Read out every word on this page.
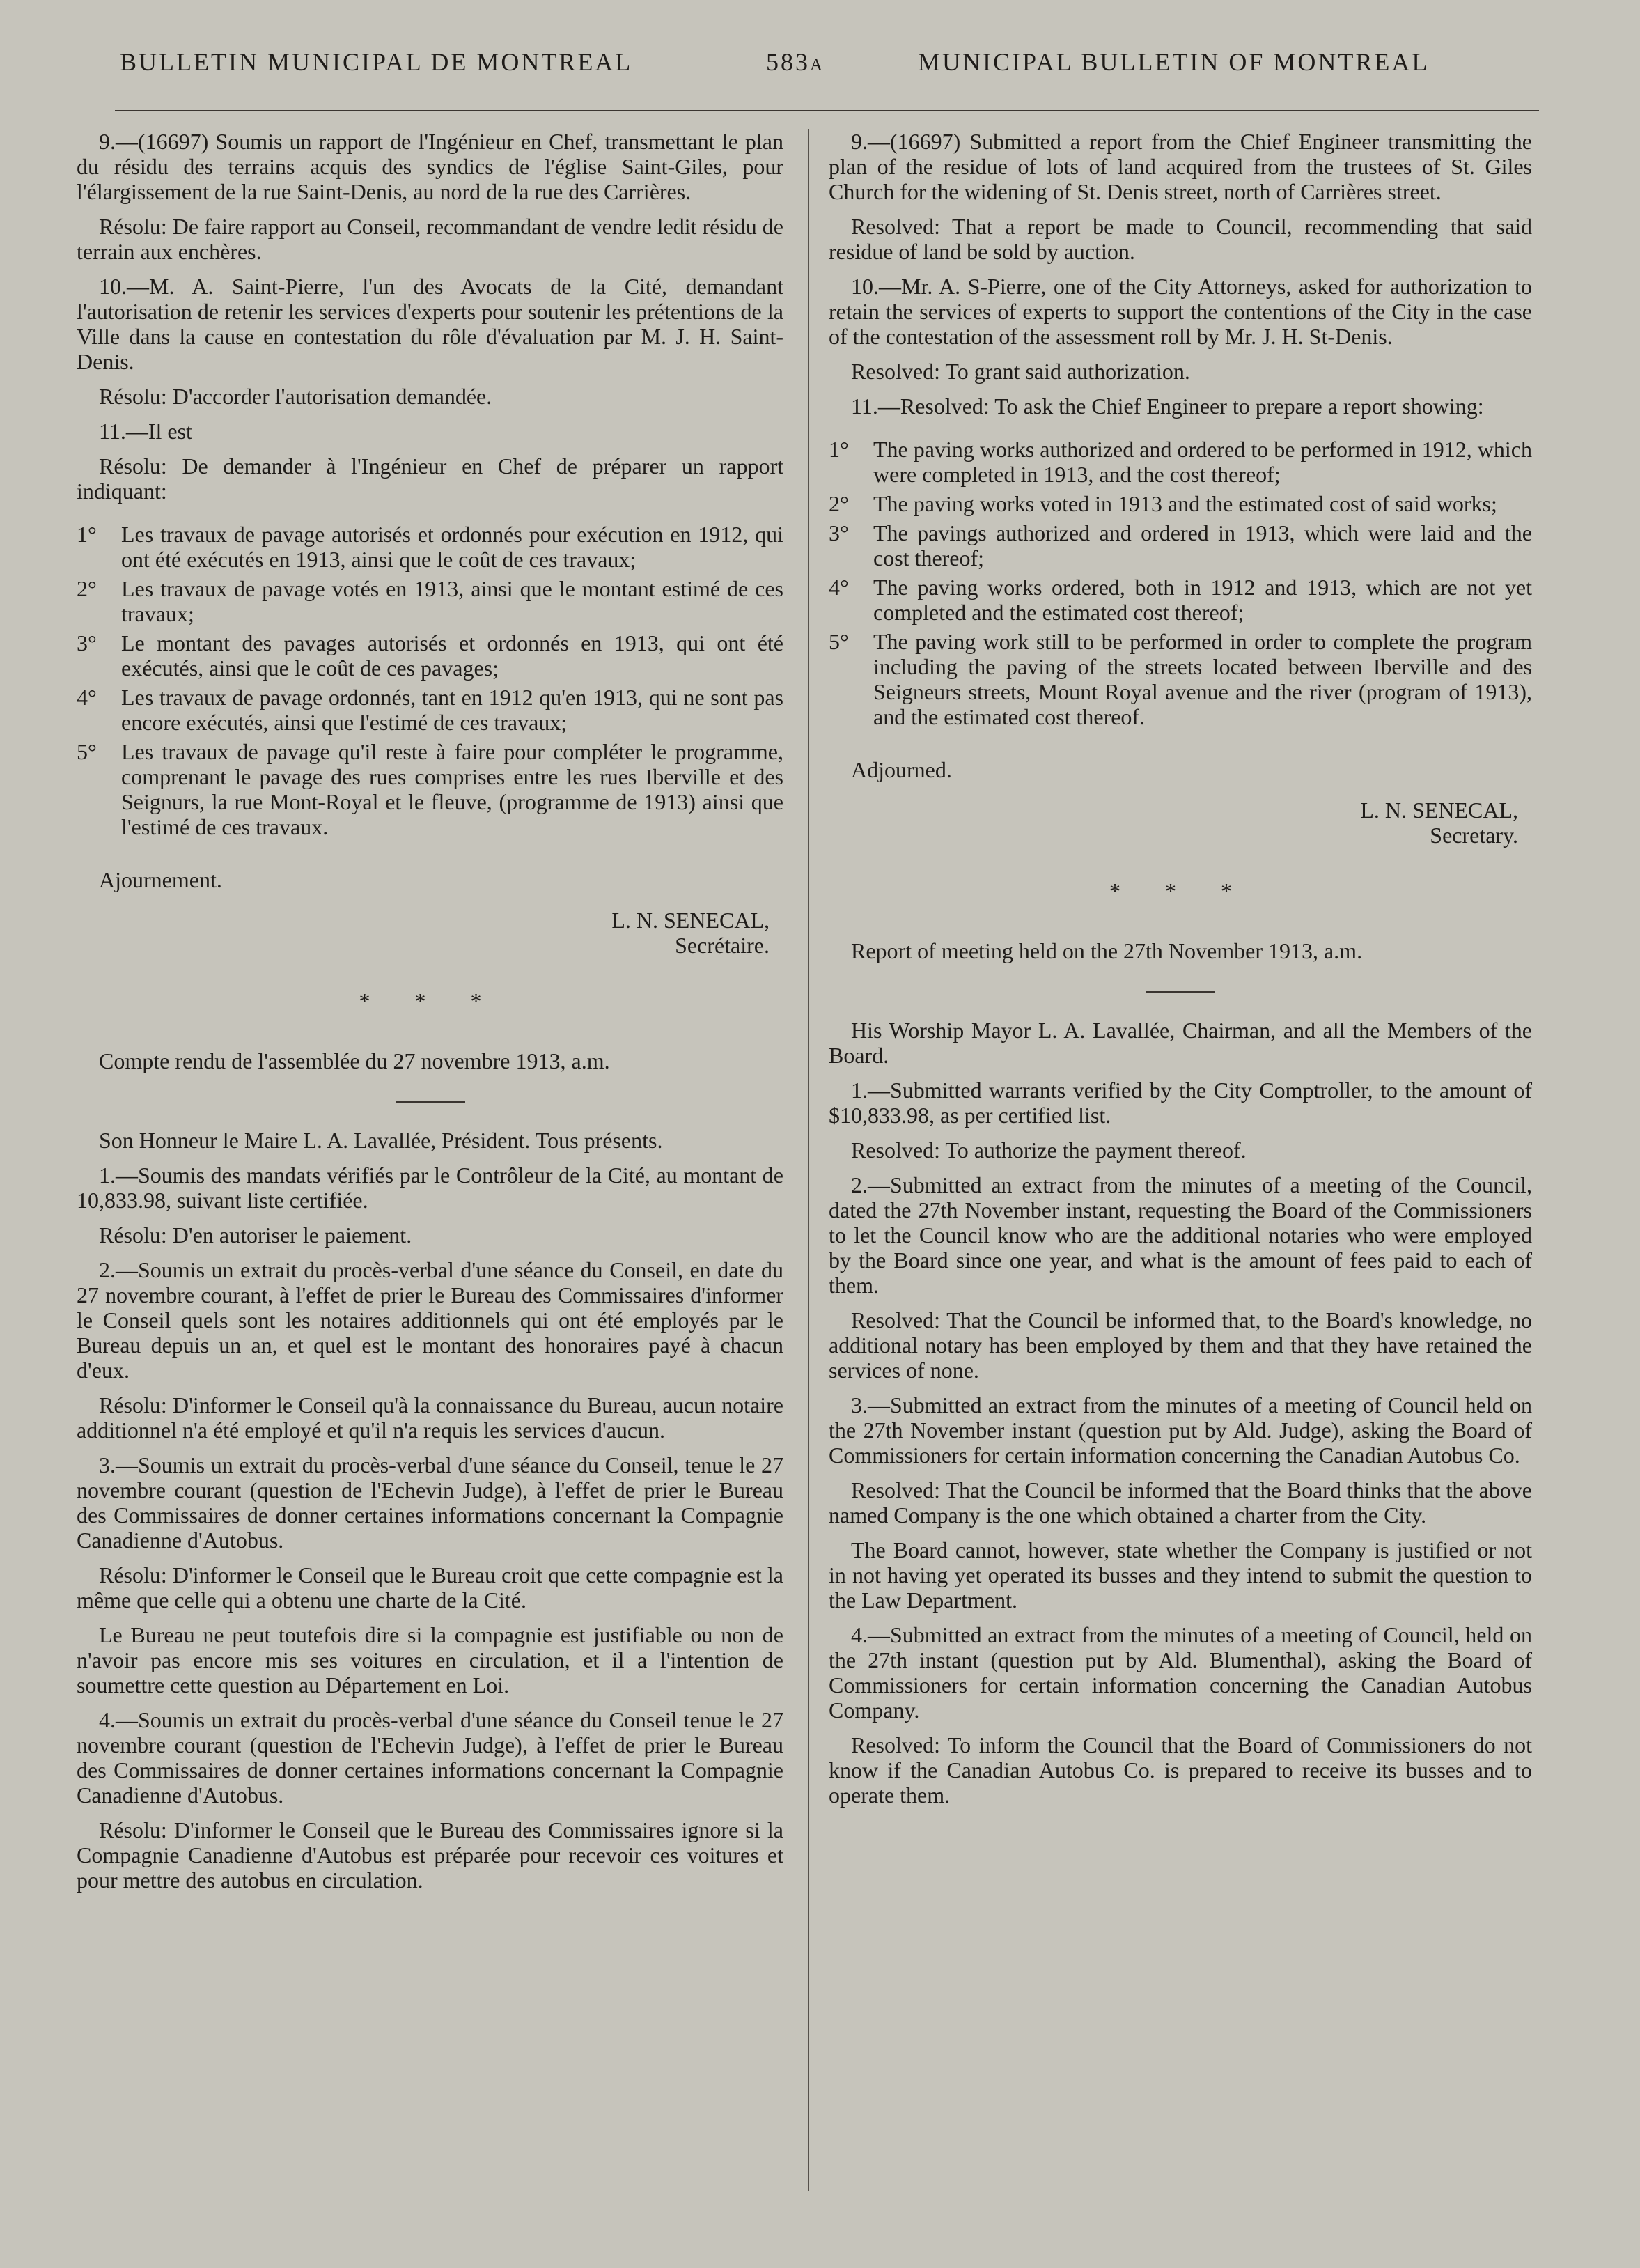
BULLETIN MUNICIPAL DE MONTREAL	583a	MUNICIPAL BULLETIN OF MONTREAL

9.—(16697) Soumis un rapport de l'Ingénieur en Chef, transmettant le plan du résidu des terrains acquis des syndics de l'église Saint-Giles, pour l'élargissement de la rue Saint-Denis, au nord de la rue des Carrières.

Résolu: De faire rapport au Conseil, recommandant de vendre ledit résidu de terrain aux enchères.

10.—M. A. Saint-Pierre, l'un des Avocats de la Cité, demandant l'autorisation de retenir les services d'experts pour soutenir les prétentions de la Ville dans la cause en contestation du rôle d'évaluation par M. J. H. Saint-Denis.

Résolu: D'accorder l'autorisation demandée.

11.—Il est

Résolu: De demander à l'Ingénieur en Chef de préparer un rapport indiquant:

1°	Les travaux de pavage autorisés et ordonnés pour exécution en 1912, qui ont été exécutés en 1913, ainsi que le coût de ces travaux;
2°	Les travaux de pavage votés en 1913, ainsi que le montant estimé de ces travaux;
3°	Le montant des pavages autorisés et ordonnés en 1913, qui ont été exécutés, ainsi que le coût de ces pavages;
4°	Les travaux de pavage ordonnés, tant en 1912 qu'en 1913, qui ne sont pas encore exécutés, ainsi que l'estimé de ces travaux;
5°	Les travaux de pavage qu'il reste à faire pour compléter le programme, comprenant le pavage des rues comprises entre les rues Iberville et des Seignurs, la rue Mont-Royal et le fleuve, (programme de 1913) ainsi que l'estimé de ces travaux.

Ajournement.

L. N. SENECAL,

Secrétaire.

* * *

Compte rendu de l'assemblée du 27 novembre 1913, a.m.

Son Honneur le Maire L. A. Lavallée, Président. Tous présents.

1.—Soumis des mandats vérifiés par le Contrôleur de la Cité, au montant de 10,833.98, suivant liste certifiée.

Résolu: D'en autoriser le paiement.

2.—Soumis un extrait du procès-verbal d'une séance du Conseil, en date du 27 novembre courant, à l'effet de prier le Bureau des Commissaires d'informer le Conseil quels sont les notaires additionnels qui ont été employés par le Bureau depuis un an, et quel est le montant des honoraires payé à chacun d'eux.

Résolu: D'informer le Conseil qu'à la connaissance du Bureau, aucun notaire additionnel n'a été employé et qu'il n'a requis les services d'aucun.

3.—Soumis un extrait du procès-verbal d'une séance du Conseil, tenue le 27 novembre courant (question de l'Echevin Judge), à l'effet de prier le Bureau des Commissaires de donner certaines informations concernant la Compagnie Canadienne d'Autobus.

Résolu: D'informer le Conseil que le Bureau croit que cette compagnie est la même que celle qui a obtenu une charte de la Cité.

Le Bureau ne peut toutefois dire si la compagnie est justifiable ou non de n'avoir pas encore mis ses voitures en circulation, et il a l'intention de soumettre cette question au Département en Loi.

4.—Soumis un extrait du procès-verbal d'une séance du Conseil tenue le 27 novembre courant (question de l'Echevin Judge), à l'effet de prier le Bureau des Commissaires de donner certaines informations concernant la Compagnie Canadienne d'Autobus.

Résolu: D'informer le Conseil que le Bureau des Commissaires ignore si la Compagnie Canadienne d'Autobus est préparée pour recevoir ces voitures et pour mettre des autobus en circulation.

9.—(16697) Submitted a report from the Chief Engineer transmitting the plan of the residue of lots of land acquired from the trustees of St. Giles Church for the widening of St. Denis street, north of Carrières street.

Resolved: That a report be made to Council, recommending that said residue of land be sold by auction.

10.—Mr. A. S-Pierre, one of the City Attorneys, asked for authorization to retain the services of experts to support the contentions of the City in the case of the contestation of the assessment roll by Mr. J. H. St-Denis.

Resolved: To grant said authorization.

11.—Resolved: To ask the Chief Engineer to prepare a report showing:

1°	The paving works authorized and ordered to be performed in 1912, which were completed in 1913, and the cost thereof;
2°	The paving works voted in 1913 and the estimated cost of said works;
3°	The pavings authorized and ordered in 1913, which were laid and the cost thereof;
4°	The paving works ordered, both in 1912 and 1913, which are not yet completed and the estimated cost thereof;
5°	The paving work still to be performed in order to complete the program including the paving of the streets located between Iberville and des Seigneurs streets, Mount Royal avenue and the river (program of 1913), and the estimated cost thereof.

Adjourned.

L. N. SENECAL,

Secretary.

* * *

Report of meeting held on the 27th November 1913, a.m.

His Worship Mayor L. A. Lavallée, Chairman, and all the Members of the Board.

1.—Submitted warrants verified by the City Comptroller, to the amount of $10,833.98, as per certified list.

Resolved: To authorize the payment thereof.

2.—Submitted an extract from the minutes of a meeting of the Council, dated the 27th November instant, requesting the Board of the Commissioners to let the Council know who are the additional notaries who were employed by the Board since one year, and what is the amount of fees paid to each of them.

Resolved: That the Council be informed that, to the Board's knowledge, no additional notary has been employed by them and that they have retained the services of none.

3.—Submitted an extract from the minutes of a meeting of Council held on the 27th November instant (question put by Ald. Judge), asking the Board of Commissioners for certain information concerning the Canadian Autobus Co.

Resolved: That the Council be informed that the Board thinks that the above named Company is the one which obtained a charter from the City.

The Board cannot, however, state whether the Company is justified or not in not having yet operated its busses and they intend to submit the question to the Law Department.

4.—Submitted an extract from the minutes of a meeting of Council, held on the 27th instant (question put by Ald. Blumenthal), asking the Board of Commissioners for certain information concerning the Canadian Autobus Company.

Resolved: To inform the Council that the Board of Commissioners do not know if the Canadian Autobus Co. is prepared to receive its busses and to operate them.
